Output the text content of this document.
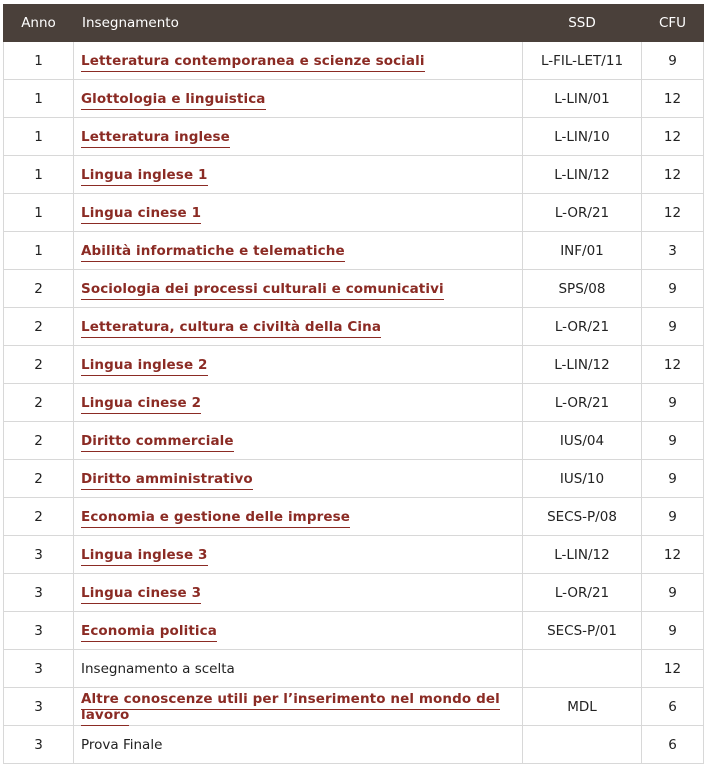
Anno	Insegnamento	SSD	CFU
1	Letteratura contemporanea e scienze sociali	L-FIL-LET/11	9
1	Glottologia e linguistica	L-LIN/01	12
1	Letteratura inglese	L-LIN/10	12
1	Lingua inglese 1	L-LIN/12	12
1	Lingua cinese 1	L-OR/21	12
1	Abilità informatiche e telematiche	INF/01	3
2	Sociologia dei processi culturali e comunicativi	SPS/08	9
2	Letteratura, cultura e civiltà della Cina	L-OR/21	9
2	Lingua inglese 2	L-LIN/12	12
2	Lingua cinese 2	L-OR/21	9
2	Diritto commerciale	IUS/04	9
2	Diritto amministrativo	IUS/10	9
2	Economia e gestione delle imprese	SECS-P/08	9
3	Lingua inglese 3	L-LIN/12	12
3	Lingua cinese 3	L-OR/21	9
3	Economia politica	SECS-P/01	9
3	Insegnamento a scelta		12
3	Altre conoscenze utili per l’inserimento nel mondo del lavoro	MDL	6
3	Prova Finale		6
